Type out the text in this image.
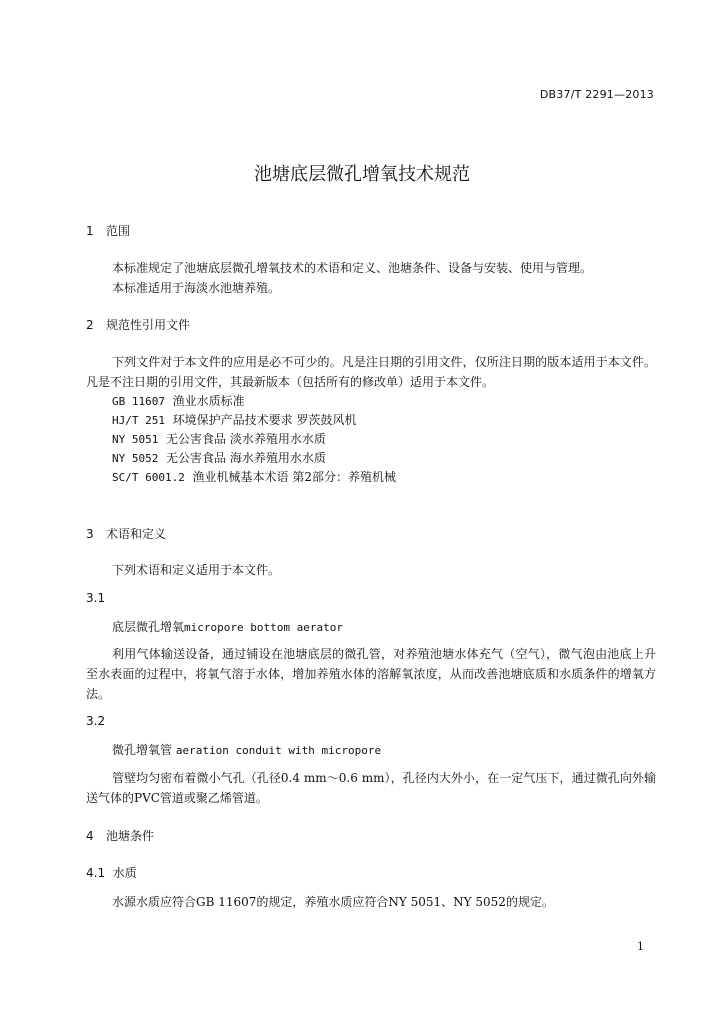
DB37/T 2291—2013
池塘底层微孔增氧技术规范
1 范围
本标准规定了池塘底层微孔增氧技术的术语和定义、池塘条件、设备与安装、使用与管理。
本标准适用于海淡水池塘养殖。
2 规范性引用文件
下列文件对于本文件的应用是必不可少的。凡是注日期的引用文件，仅所注日期的版本适用于本文件。凡是不注日期的引用文件，其最新版本（包括所有的修改单）适用于本文件。
GB 11607 渔业水质标准
HJ/T 251 环境保护产品技术要求 罗茨鼓风机
NY 5051 无公害食品 淡水养殖用水水质
NY 5052 无公害食品 海水养殖用水水质
SC/T 6001.2 渔业机械基本术语 第2部分：养殖机械
3 术语和定义
下列术语和定义适用于本文件。
3.1
底层微孔增氧micropore bottom aerator
利用气体输送设备，通过铺设在池塘底层的微孔管，对养殖池塘水体充气（空气），微气泡由池底上升至水表面的过程中，将氧气溶于水体，增加养殖水体的溶解氧浓度，从而改善池塘底质和水质条件的增氧方法。
3.2
微孔增氧管 aeration conduit with micropore
管壁均匀密布着微小气孔（孔径0.4 mm～0.6 mm），孔径内大外小，在一定气压下，通过微孔向外输送气体的PVC管道或聚乙烯管道。
4 池塘条件
4.1 水质
水源水质应符合GB 11607的规定，养殖水质应符合NY 5051、NY 5052的规定。
1
